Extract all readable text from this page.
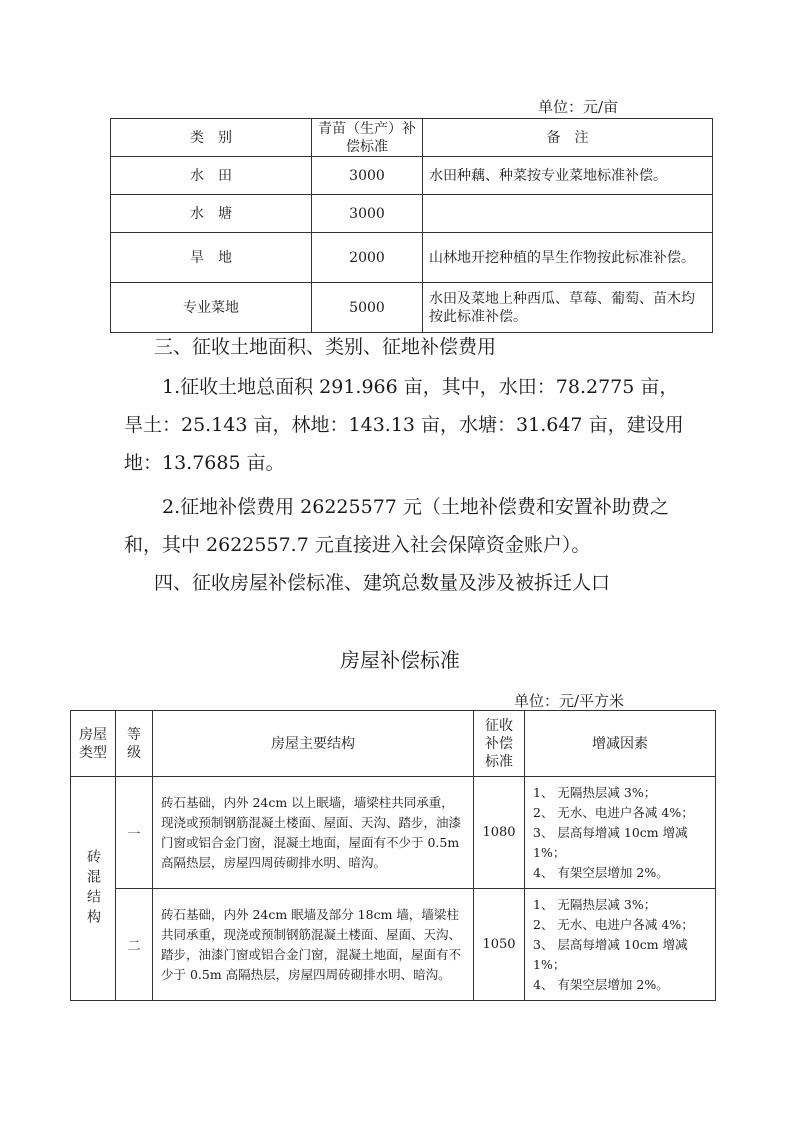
单位：元/亩
类　别	青苗（生产）补偿标准	备　注
水　田	3000	水田种藕、种菜按专业菜地标准补偿。
水　塘	3000	
旱　地	2000	山林地开挖种植的旱生作物按此标准补偿。
专业菜地	5000	水田及菜地上种西瓜、草莓、葡萄、苗木均按此标准补偿。
三、征收土地面积、类别、征地补偿费用
1.征收土地总面积 291.966 亩，其中，水田：78.2775 亩，旱土：25.143 亩，林地：143.13 亩，水塘：31.647 亩，建设用地：13.7685 亩。
2.征地补偿费用 26225577 元（土地补偿费和安置补助费之和，其中 2622557.7 元直接进入社会保障资金账户）。
四、征收房屋补偿标准、建筑总数量及涉及被拆迁人口
房屋补偿标准
单位：元/平方米
房屋类型	等级	房屋主要结构	征收补偿标准	增减因素

砖混结构	一	砖石基础，内外 24cm 以上眠墙，墙梁柱共同承重，现浇或预制钢筋混凝土楼面、屋面、天沟、踏步，油漆门窗或铝合金门窗，混凝土地面，屋面有不少于 0.5m 高隔热层，房屋四周砖砌排水明、暗沟。	1080	1、 无隔热层减 3%；
2、 无水、电进户各减 4%；
3、 层高每增减 10cm 增减 1%；
4、 有架空层增加 2%。

	二	砖石基础，内外 24cm 眠墙及部分 18cm 墙，墙梁柱共同承重，现浇或预制钢筋混凝土楼面、屋面、天沟、踏步，油漆门窗或铝合金门窗，混凝土地面，屋面有不少于 0.5m 高隔热层，房屋四周砖砌排水明、暗沟。	1050	1、 无隔热层减 3%；
2、 无水、电进户各减 4%；
3、 层高每增减 10cm 增减 1%；
4、 有架空层增加 2%。
